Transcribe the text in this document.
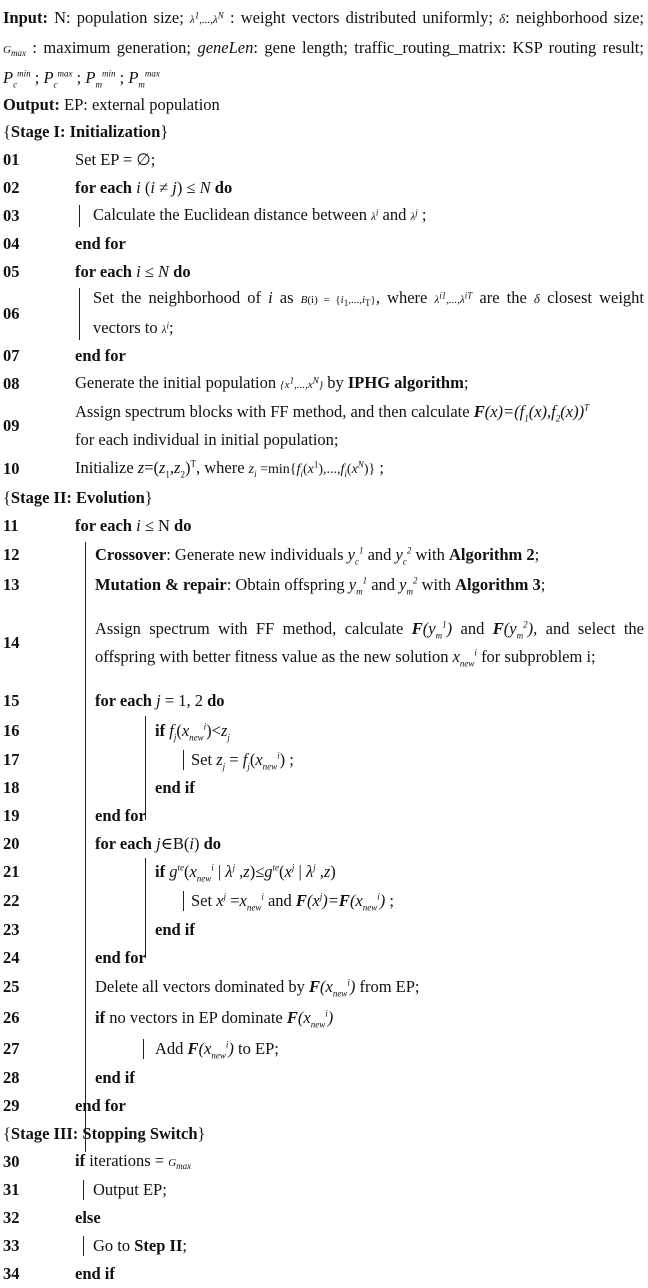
Input: N: population size; $\lambda^1,...,\lambda^N$ : weight vectors distributed uniformly; δ: neighborhood size; $G_{max}$ : maximum generation; geneLen: gene length; traffic_routing_matrix: KSP routing result; $P_c^{min}$ ; $P_c^{max}$ ; $P_m^{min}$ ; $P_m^{max}$
Output: EP: external population
{Stage I: Initialization}
01	Set EP = ∅;
02	for each i (i ≠ j) ≤ N do
03	Calculate the Euclidean distance between $\lambda^i$ and $\lambda^j$ ;
04	end for
05	for each i ≤ N do
06
Set the neighborhood of i as $B(i) = \{i_1,...,i_T\}$, where $\lambda^{i1},...,\lambda^{iT}$ are the δ closest weight vectors to $\lambda^i$;
07	end for
08	Generate the initial population $\{x^1,...,x^N\}$ by IPHG algorithm;
09
Assign spectrum blocks with FF method, and then calculate $F(x)=(f_1(x),f_2(x))^T$
for each individual in initial population;
10	Initialize $z=(z_1,z_2)^T$, where $z_i =\min\{f_i(x^1),...,f_i(x^N)\}$ ;
{Stage II: Evolution}
11	for each i ≤ N do
12	Crossover: Generate new individuals $y_c^1$ and $y_c^2$ with Algorithm 2;
13	Mutation & repair: Obtain offspring $y_m^1$ and $y_m^2$ with Algorithm 3;
14
Assign spectrum with FF method, calculate $F(y_m^1)$ and $F(y_m^2)$, and select the offspring with better fitness value as the new solution $x_{new}^i$ for subproblem i;
15	for each j = 1, 2 do
16	if $f_j(x_{new}^i)<z_j$
17	Set $z_j = f_j(x_{new}^i)$ ;
18	end if
19	end for
20	for each j∈B(i) do
21	if $g^{te}(x_{new}^i$ | $\lambda^j$ $,z)\le g^{te}(x^j$ | $\lambda^j$ ,z)
22	Set $x^j =x_{new}^i$ and $F(x^j)=F(x_{new}^i)$ ;
23	end if
24	end for
25	Delete all vectors dominated by $F(x_{new}^i)$ from EP;
26	if no vectors in EP dominate $F(x_{new}^i)$
27	Add $F(x_{new}^i)$ to EP;
28	end if
29	end for
{Stage III: Stopping Switch}
30	if iterations = $G_{max}$
31	Output EP;
32	else
33	Go to Step II;
34	end if
